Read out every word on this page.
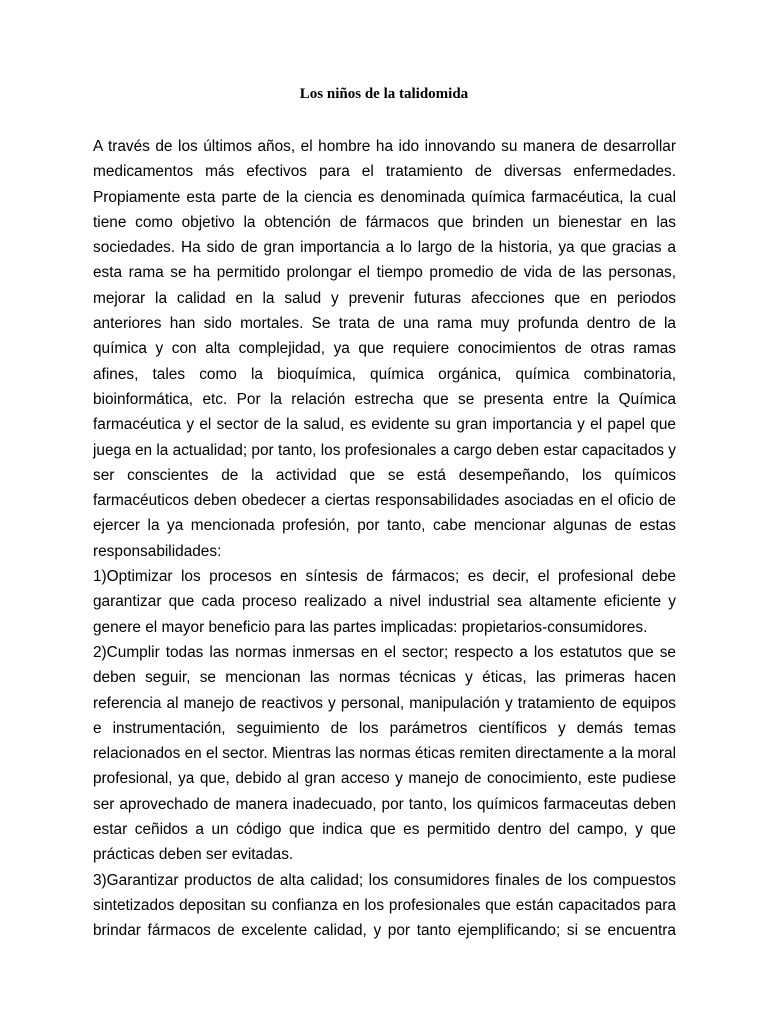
Los niños de la talidomida

A través de los últimos años, el hombre ha ido innovando su manera de desarrollar medicamentos más efectivos para el tratamiento de diversas enfermedades. Propiamente esta parte de la ciencia es denominada química farmacéutica, la cual tiene como objetivo la obtención de fármacos que brinden un bienestar en las sociedades. Ha sido de gran importancia a lo largo de la historia, ya que gracias a esta rama se ha permitido prolongar el tiempo promedio de vida de las personas, mejorar la calidad en la salud y prevenir futuras afecciones que en periodos anteriores han sido mortales. Se trata de una rama muy profunda dentro de la química y con alta complejidad, ya que requiere conocimientos de otras ramas afines, tales como la bioquímica, química orgánica, química combinatoria, bioinformática, etc. Por la relación estrecha que se presenta entre la Química farmacéutica y el sector de la salud, es evidente su gran importancia y el papel que juega en la actualidad; por tanto, los profesionales a cargo deben estar capacitados y ser conscientes de la actividad que se está desempeñando, los químicos farmacéuticos deben obedecer a ciertas responsabilidades asociadas en el oficio de ejercer la ya mencionada profesión, por tanto, cabe mencionar algunas de estas responsabilidades:

1)Optimizar los procesos en síntesis de fármacos; es decir, el profesional debe garantizar que cada proceso realizado a nivel industrial sea altamente eficiente y genere el mayor beneficio para las partes implicadas: propietarios-consumidores.

2)Cumplir todas las normas inmersas en el sector; respecto a los estatutos que se deben seguir, se mencionan las normas técnicas y éticas, las primeras hacen referencia al manejo de reactivos y personal, manipulación y tratamiento de equipos e instrumentación, seguimiento de los parámetros científicos y demás temas relacionados en el sector. Mientras las normas éticas remiten directamente a la moral profesional, ya que, debido al gran acceso y manejo de conocimiento, este pudiese ser aprovechado de manera inadecuado, por tanto, los químicos farmaceutas deben estar ceñidos a un código que indica que es permitido dentro del campo, y que prácticas deben ser evitadas.

3)Garantizar productos de alta calidad; los consumidores finales de los compuestos sintetizados depositan su confianza en los profesionales que están capacitados para brindar fármacos de excelente calidad, y por tanto ejemplificando; si se encuentra
